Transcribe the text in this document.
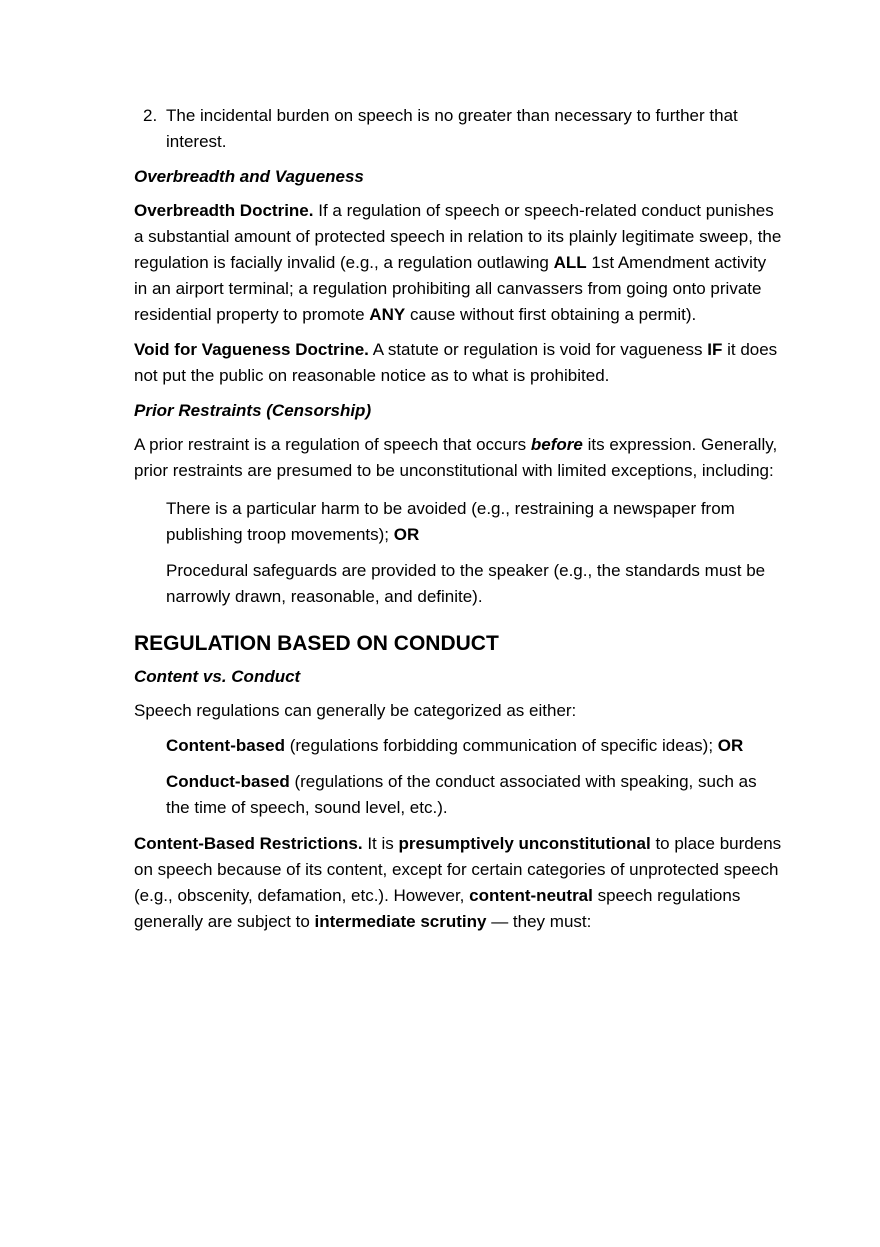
2. The incidental burden on speech is no greater than necessary to further that interest.

Overbreadth and Vagueness

Overbreadth Doctrine. If a regulation of speech or speech-related conduct punishes a substantial amount of protected speech in relation to its plainly legitimate sweep, the regulation is facially invalid (e.g., a regulation outlawing ALL 1st Amendment activity in an airport terminal; a regulation prohibiting all canvassers from going onto private residential property to promote ANY cause without first obtaining a permit).

Void for Vagueness Doctrine. A statute or regulation is void for vagueness IF it does not put the public on reasonable notice as to what is prohibited.

Prior Restraints (Censorship)

A prior restraint is a regulation of speech that occurs before its expression. Generally, prior restraints are presumed to be unconstitutional with limited exceptions, including:

There is a particular harm to be avoided (e.g., restraining a newspaper from publishing troop movements); OR

Procedural safeguards are provided to the speaker (e.g., the standards must be narrowly drawn, reasonable, and definite).

REGULATION BASED ON CONDUCT

Content vs. Conduct

Speech regulations can generally be categorized as either:

Content-based (regulations forbidding communication of specific ideas); OR

Conduct-based (regulations of the conduct associated with speaking, such as the time of speech, sound level, etc.).

Content-Based Restrictions. It is presumptively unconstitutional to place burdens on speech because of its content, except for certain categories of unprotected speech (e.g., obscenity, defamation, etc.). However, content-neutral speech regulations generally are subject to intermediate scrutiny — they must:
